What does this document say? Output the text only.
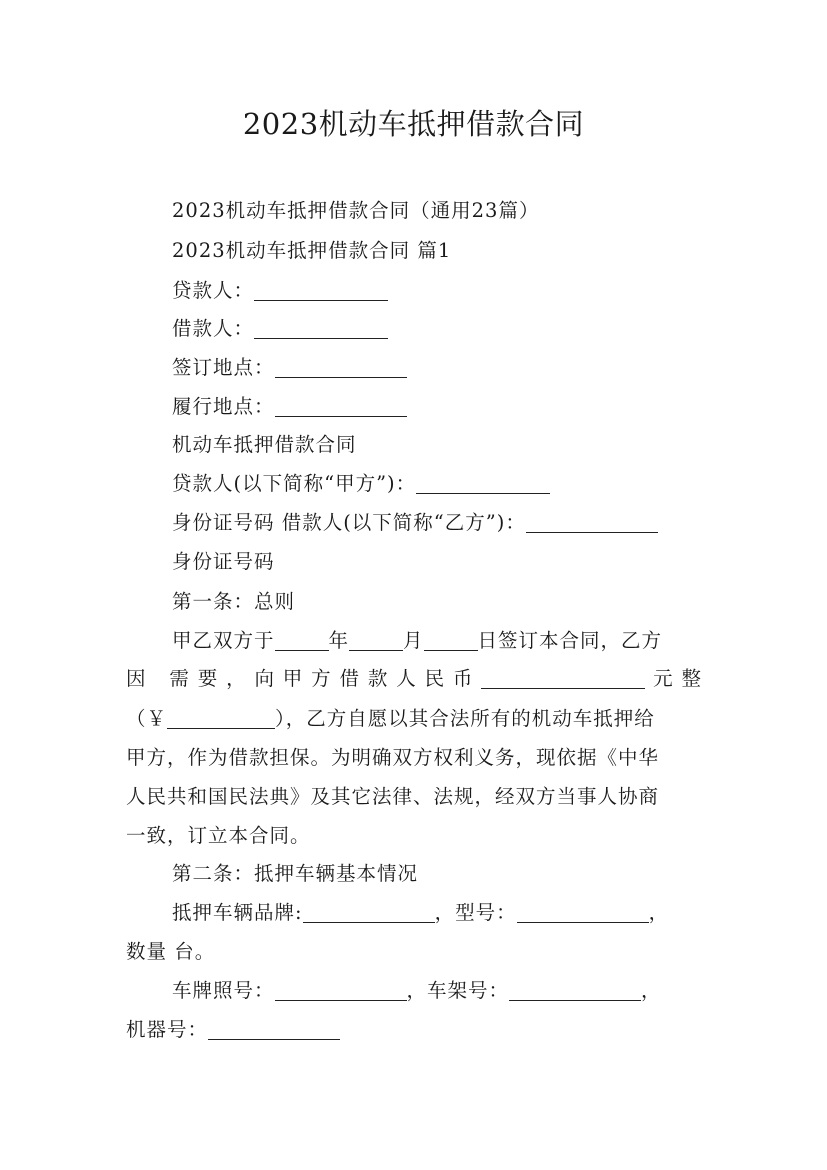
2023机动车抵押借款合同
2023机动车抵押借款合同（通用23篇）
2023机动车抵押借款合同 篇1
贷款人：
借款人：
签订地点：
履行地点：
机动车抵押借款合同
贷款人(以下简称“甲方”)：
身份证号码 借款人(以下简称“乙方”)：
身份证号码
第一条：总则
甲乙双方于	年	月	日签订本合同，乙方
因 需要，向甲方借款人民币	元整
（￥	），乙方自愿以其合法所有的机动车抵押给
甲方，作为借款担保。为明确双方权利义务，现依据《中华
人民共和国民法典》及其它法律、法规，经双方当事人协商
一致，订立本合同。
第二条：抵押车辆基本情况
抵押车辆品牌:	，型号：	，
数量 台。
车牌照号：	，车架号：	，
机器号：
